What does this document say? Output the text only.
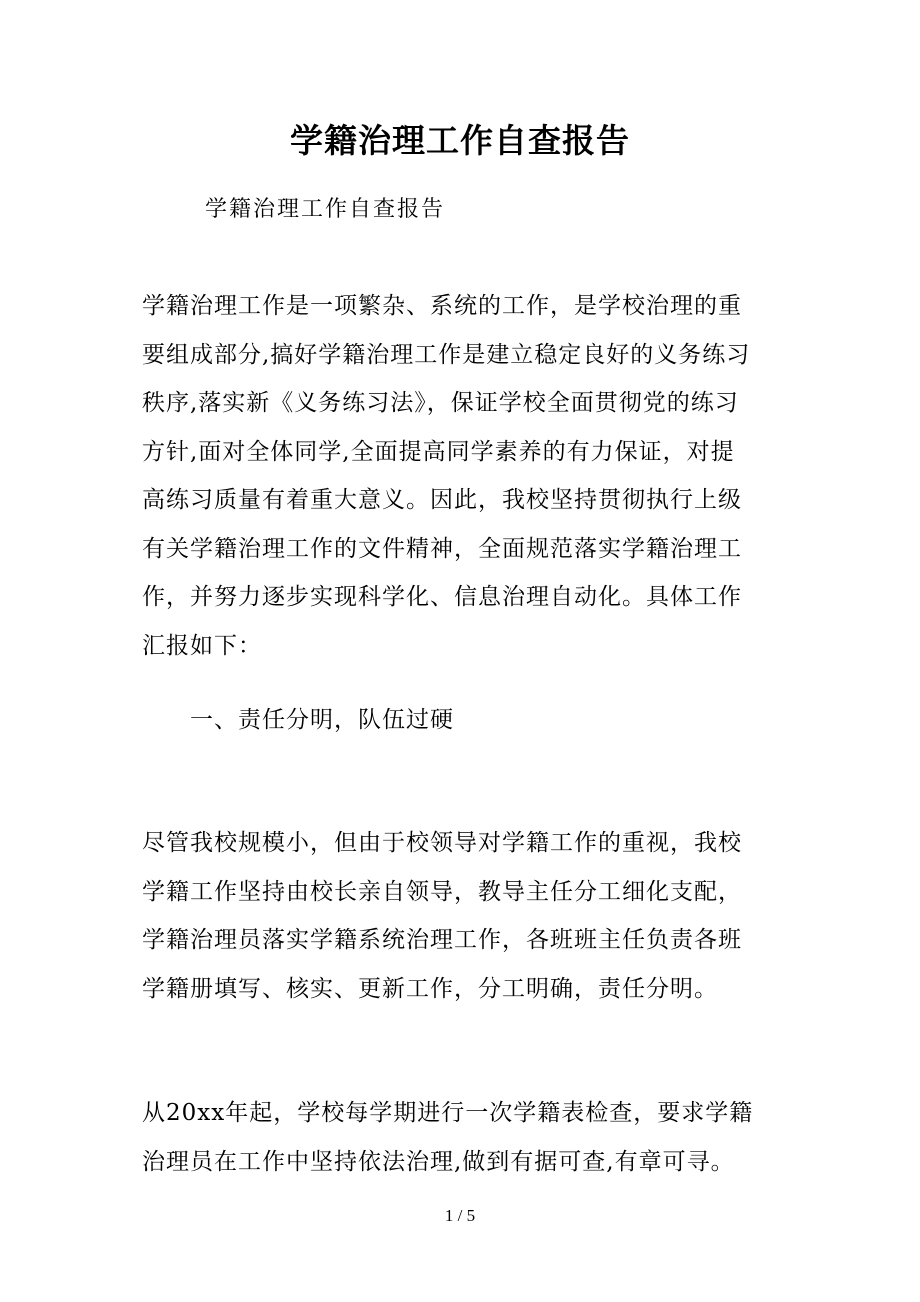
学籍治理工作自查报告

学籍治理工作自查报告

学籍治理工作是一项繁杂、系统的工作，是学校治理的重
要组成部分,搞好学籍治理工作是建立稳定良好的义务练习
秩序,落实新《义务练习法》，保证学校全面贯彻党的练习
方针,面对全体同学,全面提高同学素养的有力保证，对提
高练习质量有着重大意义。因此，我校坚持贯彻执行上级
有关学籍治理工作的文件精神，全面规范落实学籍治理工
作，并努力逐步实现科学化、信息治理自动化。具体工作
汇报如下：

一、责任分明，队伍过硬

尽管我校规模小，但由于校领导对学籍工作的重视，我校
学籍工作坚持由校长亲自领导，教导主任分工细化支配，
学籍治理员落实学籍系统治理工作，各班班主任负责各班
学籍册填写、核实、更新工作，分工明确，责任分明。

从20xx年起，学校每学期进行一次学籍表检查，要求学籍
治理员在工作中坚持依法治理,做到有据可查,有章可寻。

1 / 5
